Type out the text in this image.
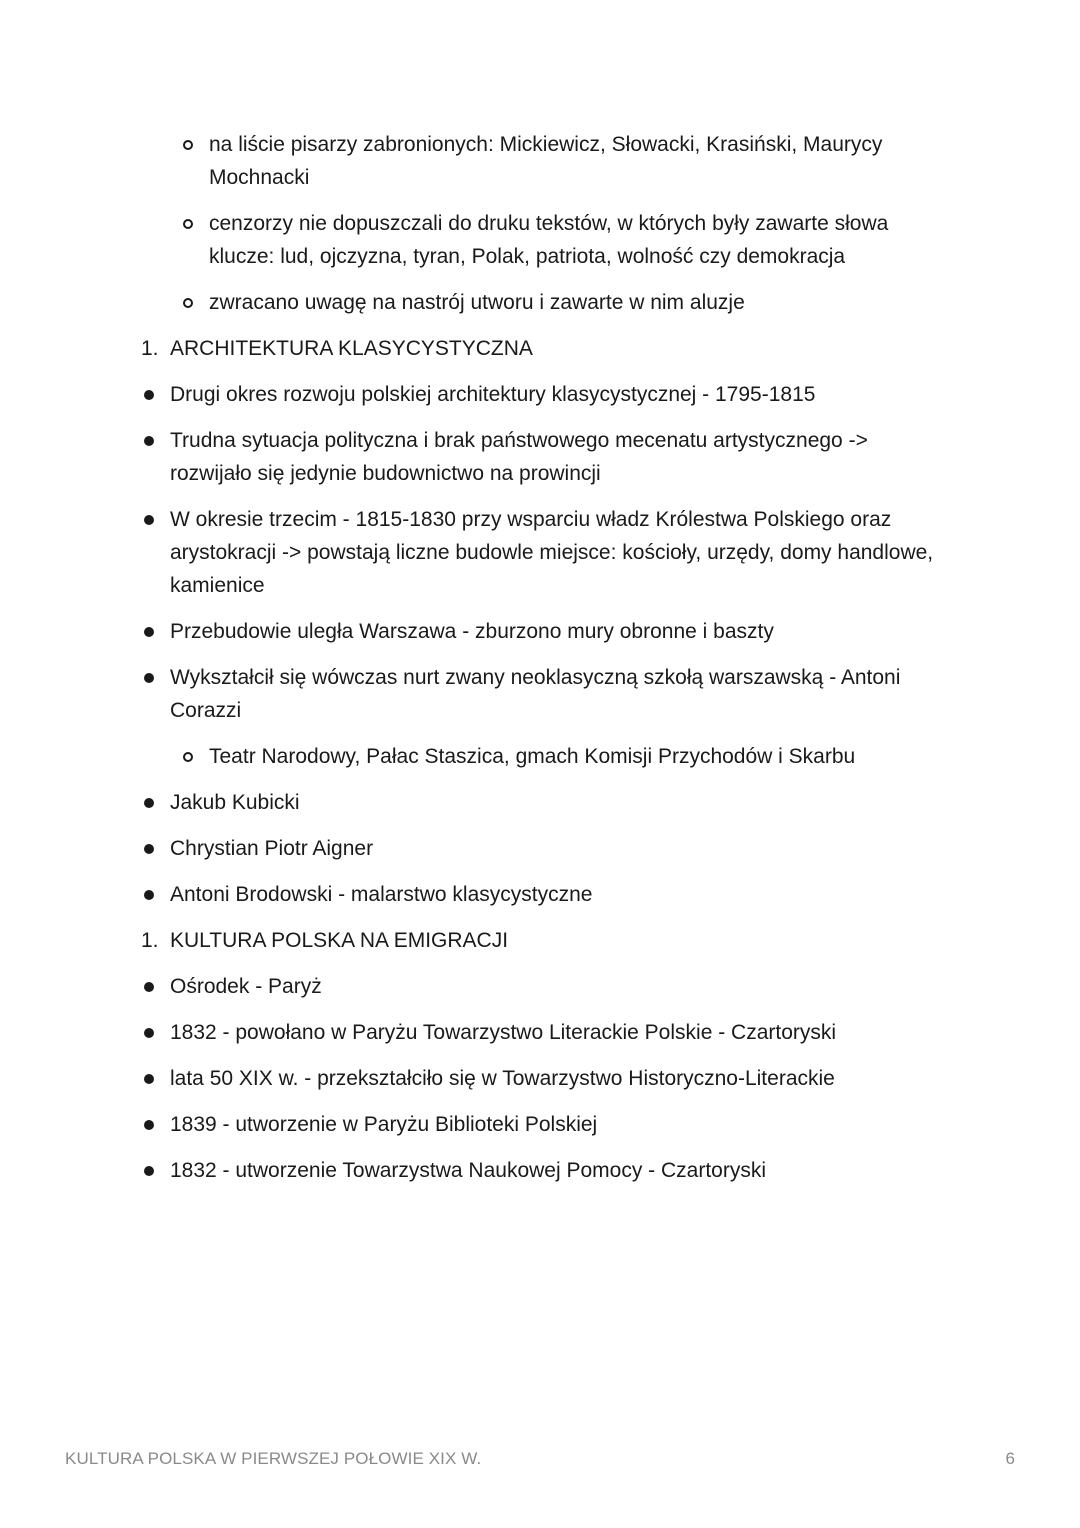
na liście pisarzy zabronionych: Mickiewicz, Słowacki, Krasiński, Maurycy Mochnacki
cenzorzy nie dopuszczali do druku tekstów, w których były zawarte słowa klucze: lud, ojczyzna, tyran, Polak, patriota, wolność czy demokracja
zwracano uwagę na nastrój utworu i zawarte w nim aluzje
1. ARCHITEKTURA KLASYCYSTYCZNA
Drugi okres rozwoju polskiej architektury klasycystycznej - 1795-1815
Trudna sytuacja polityczna i brak państwowego mecenatu artystycznego -> rozwijało się jedynie budownictwo na prowincji
W okresie trzecim - 1815-1830 przy wsparciu władz Królestwa Polskiego oraz arystokracji -> powstają liczne budowle miejsce: kościoły, urzędy, domy handlowe, kamienice
Przebudowie uległa Warszawa - zburzono mury obronne i baszty
Wykształcił się wówczas nurt zwany neoklasyczną szkołą warszawską - Antoni Corazzi
Teatr Narodowy, Pałac Staszica, gmach Komisji Przychodów i Skarbu
Jakub Kubicki
Chrystian Piotr Aigner
Antoni Brodowski - malarstwo klasycystyczne
1. KULTURA POLSKA NA EMIGRACJI
Ośrodek - Paryż
1832 - powołano w Paryżu Towarzystwo Literackie Polskie - Czartoryski
lata 50 XIX w. - przekształciło się w Towarzystwo Historyczno-Literackie
1839 - utworzenie w Paryżu Biblioteki Polskiej
1832 - utworzenie Towarzystwa Naukowej Pomocy - Czartoryski
KULTURA POLSKA W PIERWSZEJ POŁOWIE XIX W.	6
